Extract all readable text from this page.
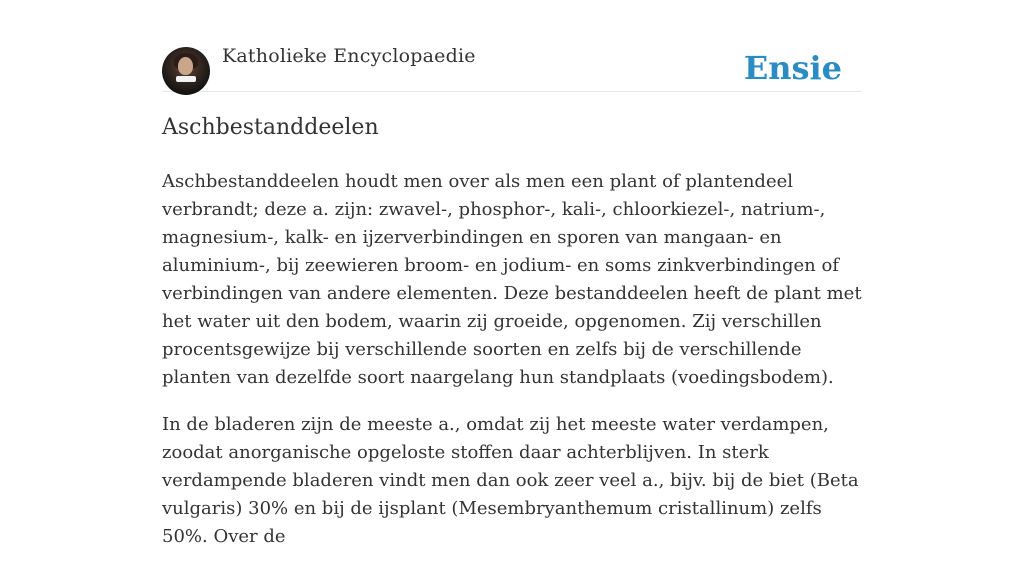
Katholieke Encyclopaedie	Ensie
Aschbestanddeelen

Aschbestanddeelen houdt men over als men een plant of plantendeel verbrandt; deze a. zijn: zwavel-, phosphor-, kali-, chloorkiezel-, natrium-, magnesium-, kalk- en ijzerverbindingen en sporen van mangaan- en aluminium-, bij zeewieren broom- en jodium- en soms zinkverbindingen of verbindingen van andere elementen. Deze bestanddeelen heeft de plant met het water uit den bodem, waarin zij groeide, opgenomen. Zij verschillen procentsgewijze bij verschillende soorten en zelfs bij de verschillende planten van dezelfde soort naargelang hun standplaats (voedingsbodem).

In de bladeren zijn de meeste a., omdat zij het meeste water verdampen, zoodat anorganische opgeloste stoffen daar achterblijven. In sterk verdampende bladeren vindt men dan ook zeer veel a., bijv. bij de biet (Beta vulgaris) 30% en bij de ijsplant (Mesembryanthemum cristallinum) zelfs 50%. Over de
